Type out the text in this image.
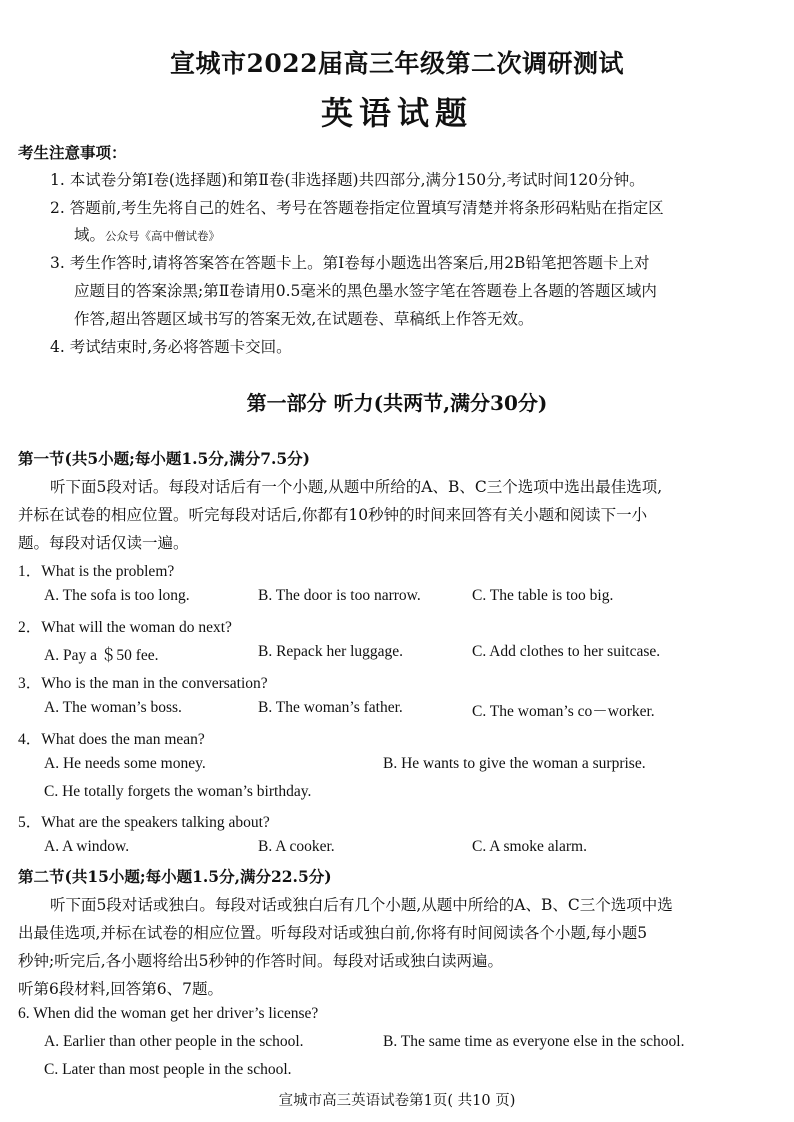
宣城市2022届高三年级第二次调研测试
英语试题
考生注意事项：
1. 本试卷分第Ⅰ卷(选择题)和第Ⅱ卷(非选择题)共四部分,满分150分,考试时间120分钟。
2. 答题前,考生先将自己的姓名、考号在答题卷指定位置填写清楚并将条形码粘贴在指定区
域。公众号《高中僧试卷》
3. 考生作答时,请将答案答在答题卡上。第Ⅰ卷每小题选出答案后,用2B铅笔把答题卡上对
应题目的答案涂黑;第Ⅱ卷请用0.5毫米的黑色墨水签字笔在答题卷上各题的答题区域内
作答,超出答题区域书写的答案无效,在试题卷、草稿纸上作答无效。
4. 考试结束时,务必将答题卡交回。
第一部分 听力(共两节,满分30分)
第一节(共5小题;每小题1.5分,满分7.5分)
听下面5段对话。每段对话后有一个小题,从题中所给的A、B、C三个选项中选出最佳选项,
并标在试卷的相应位置。听完每段对话后,你都有10秒钟的时间来回答有关小题和阅读下一小
题。每段对话仅读一遍。
1．What is the problem?
A. The sofa is too long.	B. The door is too narrow.	C. The table is too big.
2．What will the woman do next?
A. Pay a ＄50 fee.	B. Repack her luggage.	C. Add clothes to her suitcase.
3．Who is the man in the conversation?
A. The woman’s boss.	B. The woman’s father.	C. The woman’s co－worker.
4．What does the man mean?
A. He needs some money.	B. He wants to give the woman a surprise.
C. He totally forgets the woman’s birthday.
5．What are the speakers talking about?
A. A window.	B. A cooker.	C. A smoke alarm.
第二节(共15小题;每小题1.5分,满分22.5分)
听下面5段对话或独白。每段对话或独白后有几个小题,从题中所给的A、B、C三个选项中选
出最佳选项,并标在试卷的相应位置。听每段对话或独白前,你将有时间阅读各个小题,每小题5
秒钟;听完后,各小题将给出5秒钟的作答时间。每段对话或独白读两遍。
听第6段材料,回答第6、7题。
6. When did the woman get her driver’s license?
A. Earlier than other people in the school.	B. The same time as everyone else in the school.
C. Later than most people in the school.
宣城市高三英语试卷第1页( 共10 页)
